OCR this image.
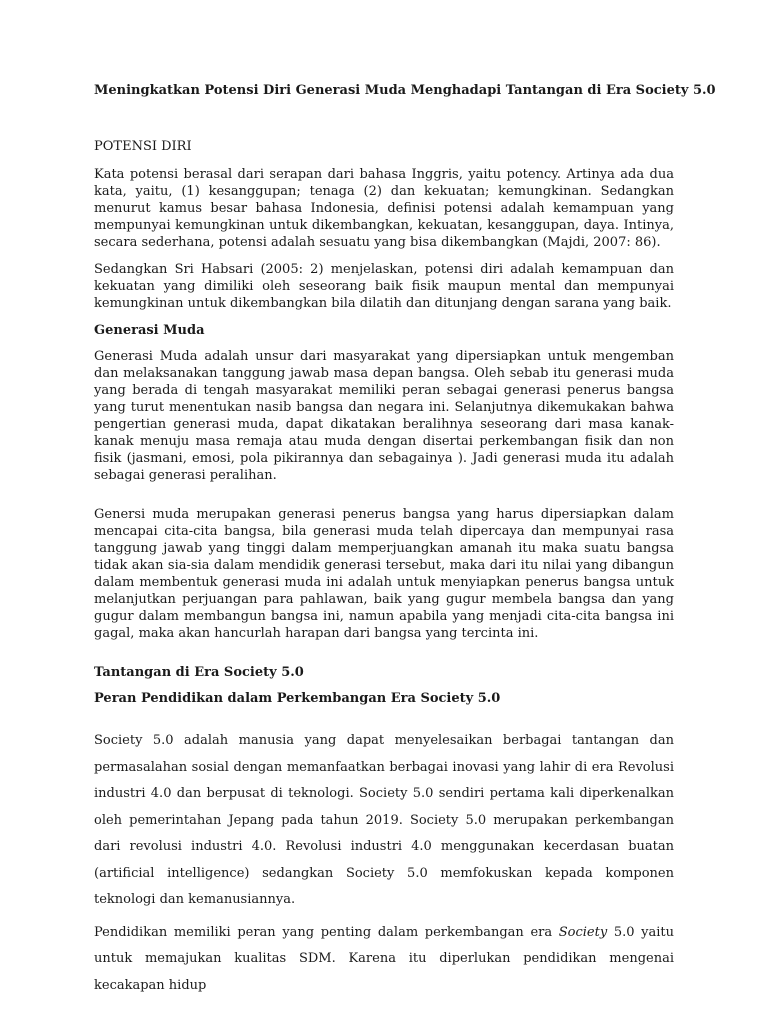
Meningkatkan Potensi Diri Generasi Muda Menghadapi Tantangan di Era Society 5.0
POTENSI DIRI

Kata potensi berasal dari serapan dari bahasa Inggris, yaitu potency. Artinya ada dua kata, yaitu, (1) kesanggupan; tenaga (2) dan kekuatan; kemungkinan. Sedangkan menurut kamus besar bahasa Indonesia, definisi potensi adalah kemampuan yang mempunyai kemungkinan untuk dikembangkan, kekuatan, kesanggupan, daya. Intinya, secara sederhana, potensi adalah sesuatu yang bisa dikembangkan (Majdi, 2007: 86).

Sedangkan Sri Habsari (2005: 2) menjelaskan, potensi diri adalah kemampuan dan kekuatan yang dimiliki oleh seseorang baik fisik maupun mental dan mempunyai kemungkinan untuk dikembangkan bila dilatih dan ditunjang dengan sarana yang baik.

Generasi Muda

Generasi Muda adalah unsur dari masyarakat yang dipersiapkan untuk mengemban dan melaksanakan tanggung jawab masa depan bangsa. Oleh sebab itu generasi muda yang berada di tengah masyarakat memiliki peran sebagai generasi penerus bangsa yang turut menentukan nasib bangsa dan negara ini. Selanjutnya dikemukakan bahwa pengertian generasi muda, dapat dikatakan beralihnya seseorang dari masa kanak-kanak menuju masa remaja atau muda dengan disertai perkembangan fisik dan non fisik (jasmani, emosi, pola pikirannya dan sebagainya ). Jadi generasi muda itu adalah sebagai generasi peralihan.

Genersi muda merupakan generasi penerus bangsa yang harus dipersiapkan dalam mencapai cita-cita bangsa, bila generasi muda telah dipercaya dan mempunyai rasa tanggung jawab yang tinggi dalam memperjuangkan amanah itu maka suatu bangsa tidak akan sia-sia dalam mendidik generasi tersebut, maka dari itu nilai yang dibangun dalam membentuk generasi muda ini adalah untuk menyiapkan penerus bangsa untuk melanjutkan perjuangan para pahlawan, baik yang gugur membela bangsa dan yang gugur dalam membangun bangsa ini, namun apabila yang menjadi cita-cita bangsa ini gagal, maka akan hancurlah harapan dari bangsa yang tercinta ini.

Tantangan di Era Society 5.0
Peran Pendidikan dalam Perkembangan Era Society 5.0

Society 5.0 adalah manusia yang dapat menyelesaikan berbagai tantangan dan permasalahan sosial dengan memanfaatkan berbagai inovasi yang lahir di era Revolusi industri 4.0 dan berpusat di teknologi. Society 5.0 sendiri pertama kali diperkenalkan oleh pemerintahan Jepang pada tahun 2019. Society 5.0 merupakan perkembangan dari revolusi industri 4.0. Revolusi industri 4.0 menggunakan kecerdasan buatan (artificial intelligence) sedangkan Society 5.0 memfokuskan kepada komponen teknologi dan kemanusiannya.

Pendidikan memiliki peran yang penting dalam perkembangan era Society 5.0 yaitu untuk memajukan kualitas SDM. Karena itu diperlukan pendidikan mengenai kecakapan hidup
